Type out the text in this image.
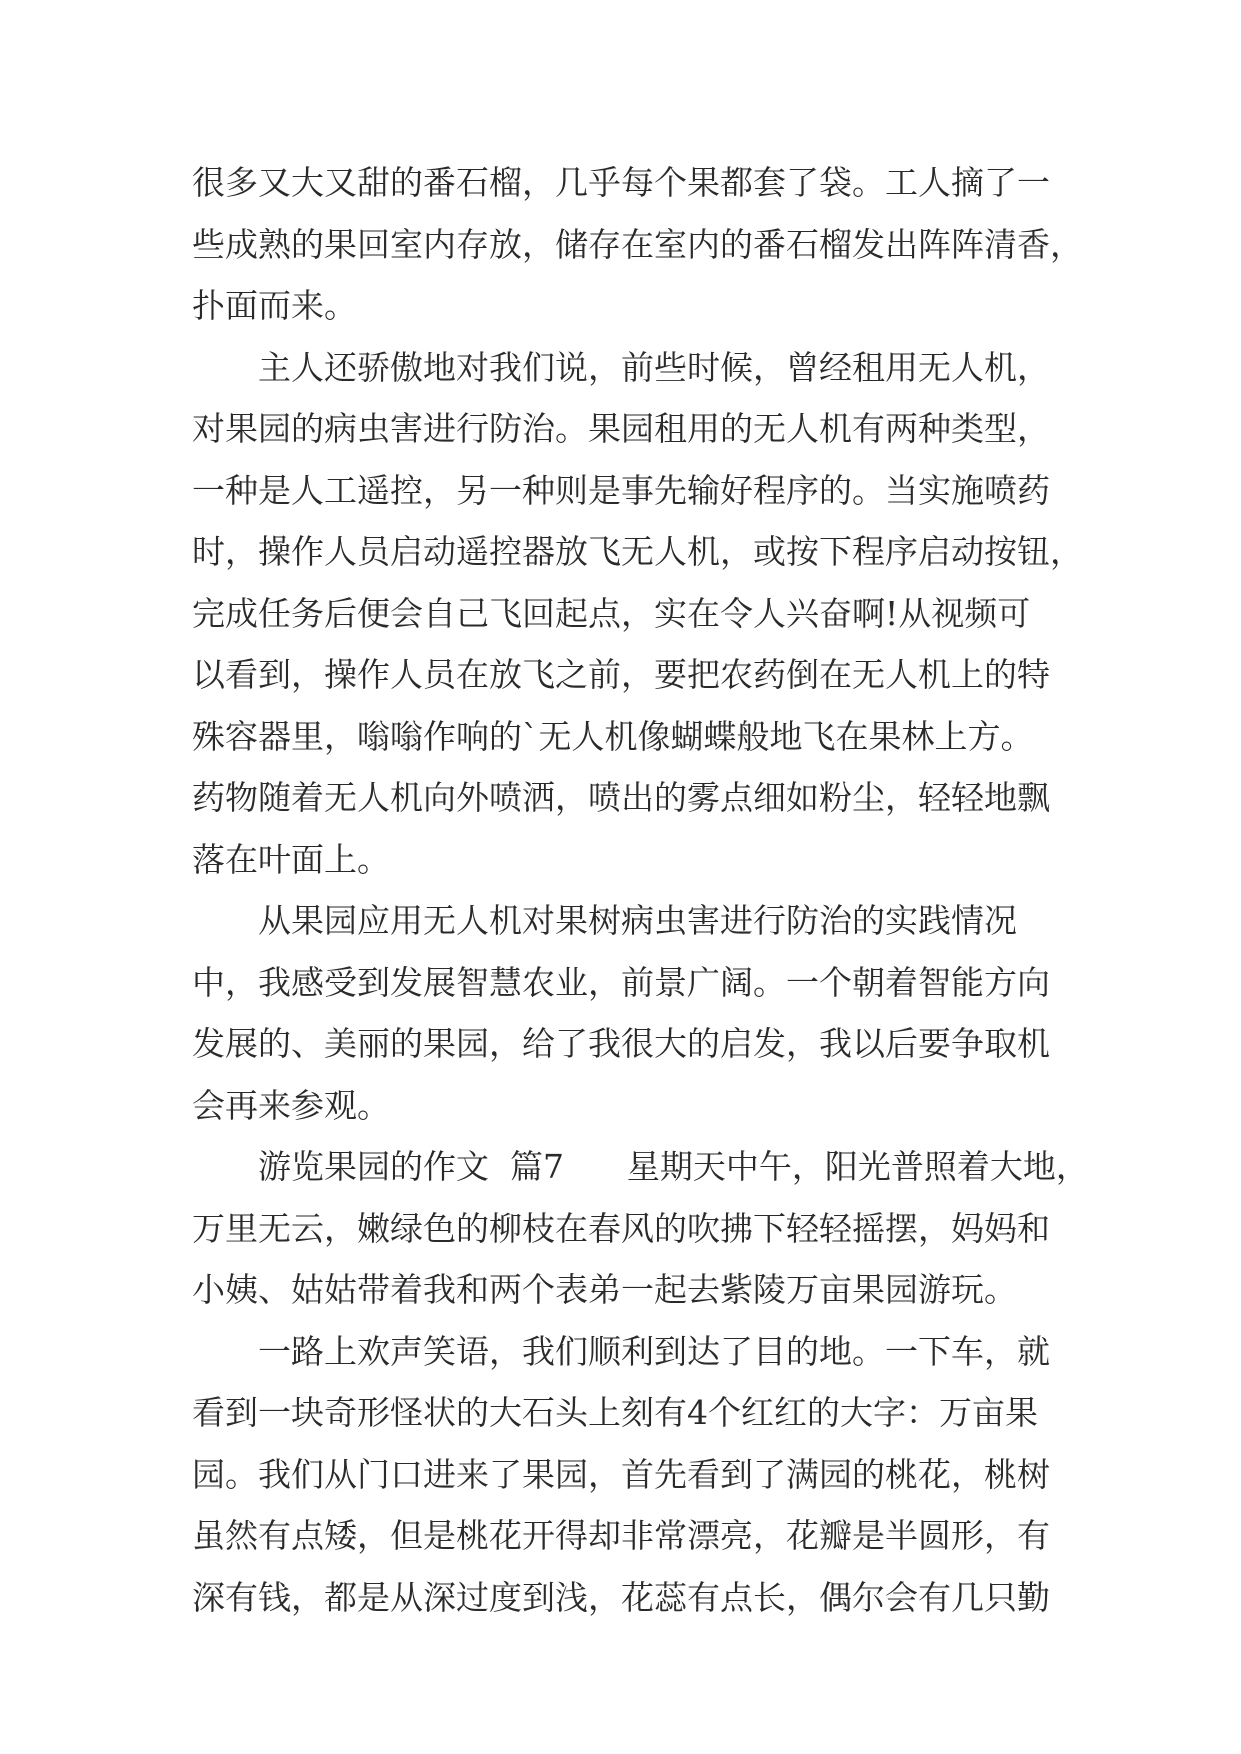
很多又大又甜的番石榴，几乎每个果都套了袋。工人摘了一
些成熟的果回室内存放，储存在室内的番石榴发出阵阵清香，
扑面而来。
主人还骄傲地对我们说，前些时候，曾经租用无人机，
对果园的病虫害进行防治。果园租用的无人机有两种类型，
一种是人工遥控，另一种则是事先输好程序的。当实施喷药
时，操作人员启动遥控器放飞无人机，或按下程序启动按钮，
完成任务后便会自己飞回起点，实在令人兴奋啊!从视频可
以看到，操作人员在放飞之前，要把农药倒在无人机上的特
殊容器里，嗡嗡作响的`无人机像蝴蝶般地飞在果林上方。
药物随着无人机向外喷洒，喷出的雾点细如粉尘，轻轻地飘
落在叶面上。
从果园应用无人机对果树病虫害进行防治的实践情况
中，我感受到发展智慧农业，前景广阔。一个朝着智能方向
发展的、美丽的果园，给了我很大的启发，我以后要争取机
会再来参观。
游览果园的作文  篇7      星期天中午，阳光普照着大地，
万里无云，嫩绿色的柳枝在春风的吹拂下轻轻摇摆，妈妈和
小姨、姑姑带着我和两个表弟一起去紫陵万亩果园游玩。
一路上欢声笑语，我们顺利到达了目的地。一下车，就
看到一块奇形怪状的大石头上刻有4个红红的大字：万亩果
园。我们从门口进来了果园，首先看到了满园的桃花，桃树
虽然有点矮，但是桃花开得却非常漂亮，花瓣是半圆形，有
深有钱，都是从深过度到浅，花蕊有点长，偶尔会有几只勤
